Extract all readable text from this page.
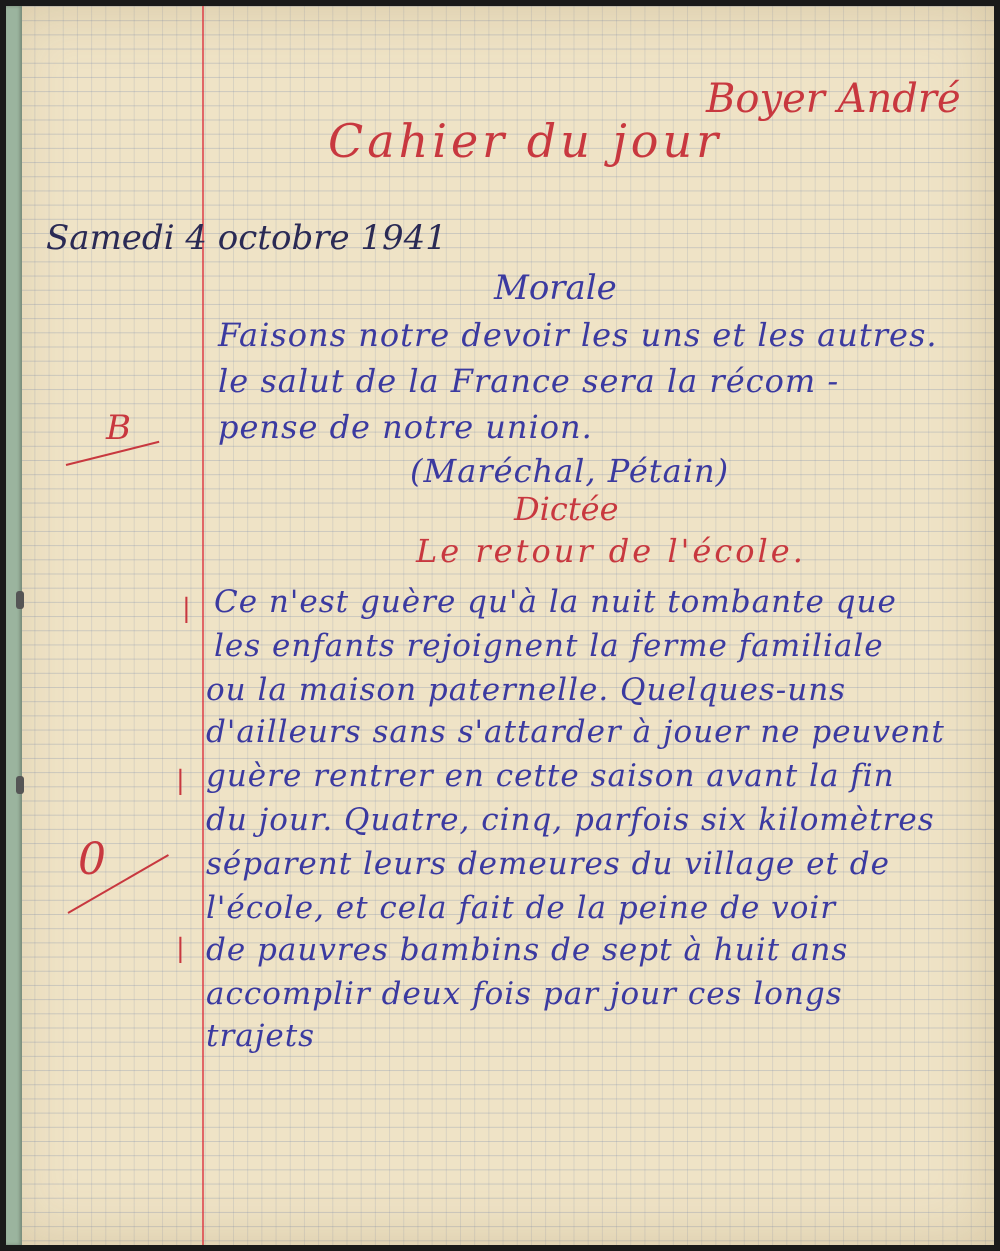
Boyer André
Cahier du jour
Samedi 4 octobre 1941
Morale
Faisons notre devoir les uns et les autres.
le salut de la France sera la récom -
pense de notre union.
(Maréchal, Pétain)
Dictée
Le retour de l'école.
Ce n'est guère qu'à la nuit tombante que
les enfants rejoignent la ferme familiale
ou la maison paternelle. Quelques-uns
d'ailleurs sans s'attarder à jouer ne peuvent
guère rentrer en cette saison avant la fin
du jour. Quatre, cinq, parfois six kilomètres
séparent leurs demeures du village et de
l'école, et cela fait de la peine de voir
de pauvres bambins de sept à huit ans
accomplir deux fois par jour ces longs
trajets
B
0
|
|
|
